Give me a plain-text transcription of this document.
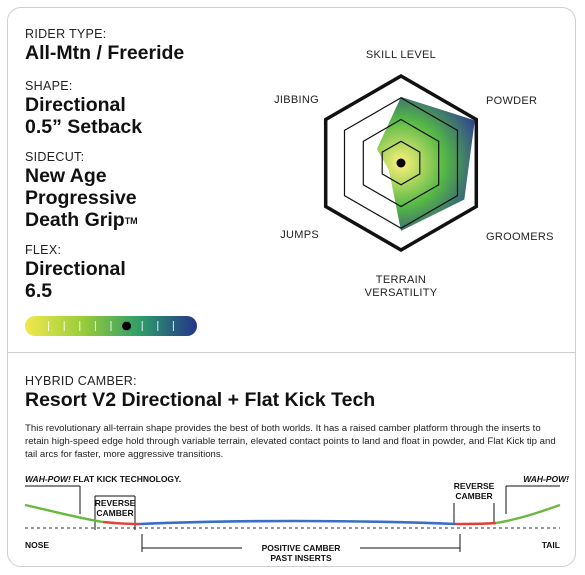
RIDER TYPE:
All-Mtn / Freeride
SHAPE:
Directional
0.5” Setback
SIDECUT:
New Age
Progressive
Death Grip™
FLEX:
Directional
6.5
SKILL LEVEL
POWDER
GROOMERS
TERRAIN VERSATILITY
JUMPS
JIBBING
HYBRID CAMBER:
Resort V2 Directional + Flat Kick Tech
This revolutionary all-terrain shape provides the best of both worlds. It has a raised camber platform through the inserts to retain high-speed edge hold through variable terrain, elevated contact points to land and float in powder, and Flat Kick tip and tail arcs for faster, more aggressive transitions.
WAH-POW! FLAT KICK TECHNOLOGY.	WAH-POW!
REVERSE
CAMBER
REVERSE
CAMBER
NOSE	TAIL
POSITIVE CAMBER
PAST INSERTS
